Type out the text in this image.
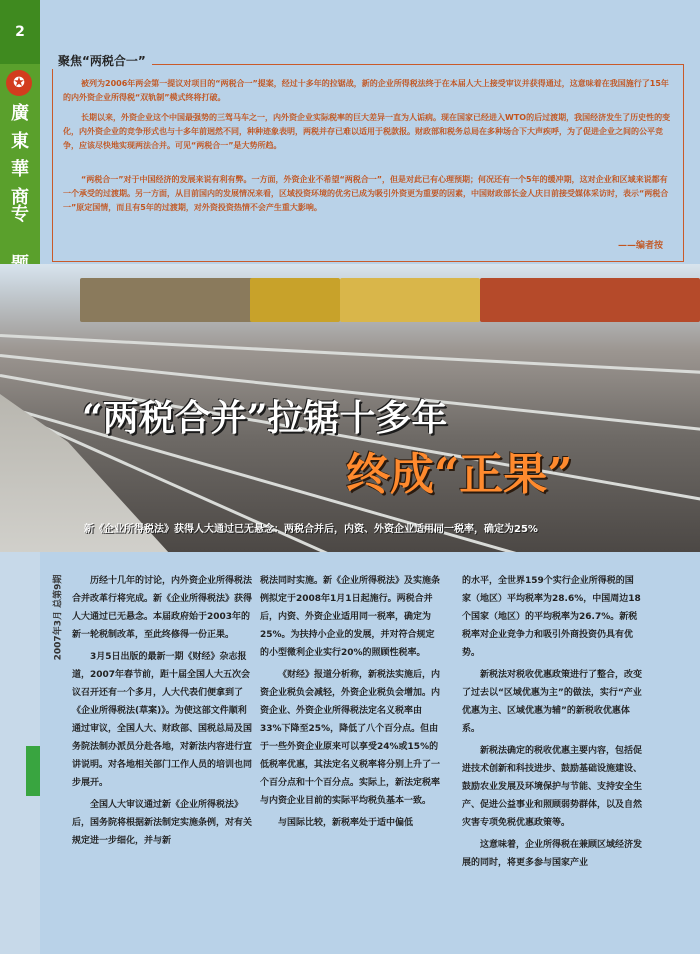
2
✪
廣
東
華
商
专
2007年3月 总第9期
被列为2006年两会第一提议对项目的“两税合一”提案，经过十多年的拉锯战，新的企业所得税法终于在本届人大上接受审议并获得通过，这意味着在我国施行了15年的内外资企业所得税“双轨制”模式终将打破。
长期以来，外资企业这个中国最强势的三驾马车之一，内外资企业实际税率的巨大差异一直为人诟病。现在国家已经进入WTO的后过渡期，我国经济发生了历史性的变化，内外资企业的竞争形式也与十多年前迥然不同，种种迹象表明，两税并存已难以适用于税款报。财政部和税务总局在多种场合下大声疾呼，为了促进企业之间的公平竞争，应该尽快地实现两法合并。可见“两税合一”是大势所趋。
“两税合一”对于中国经济的发展来说有利有弊。一方面，外资企业不希望“两税合一”，但是对此已有心理预期；何况还有一个5年的缓冲期，这对企业和区域来说都有一个承受的过渡期。另一方面，从目前国内的发展情况来看，区域投资环境的优劣已成为吸引外资更为重要的因素，中国财政部长金人庆日前接受媒体采访时，表示“两税合一”原定国情，而且有5年的过渡期，对外资投资热情不会产生重大影响。
——编者按
聚焦“两税合一”
“两税合并”拉锯十多年
终成“正果”
新《企业所得税法》获得人大通过已无悬念：两税合并后，内资、外资企业适用同一税率，确定为25%

历经十几年的讨论，内外资企业所得税法合并改革行将完成。新《企业所得税法》获得人大通过已无悬念。本届政府始于2003年的新一轮税制改革，至此终修得一份正果。

3月5日出版的最新一期《财经》杂志报道，2007年春节前，距十届全国人大五次会议召开还有一个多月，人大代表们便拿到了《企业所得税法(草案)》。为使这部文件顺利通过审议，全国人大、财政部、国税总局及国务院法制办派员分赴各地，对新法内容进行宣讲说明。对各地相关部门工作人员的培训也同步展开。

全国人大审议通过新《企业所得税法》后，国务院将根据新法制定实施条例，对有关规定进一步细化，并与新

税法同时实施。新《企业所得税法》及实施条例拟定于2008年1月1日起施行。两税合并后，内资、外资企业适用同一税率，确定为25%。为扶持小企业的发展，并对符合规定的小型微利企业实行20%的照顾性税率。

《财经》报道分析称，新税法实施后，内资企业税负会减轻，外资企业税负会增加。内资企业、外资企业所得税法定名义税率由33%下降至25%，降低了八个百分点。但由于一些外资企业原来可以享受24%或15%的低税率优惠，其法定名义税率将分别上升了一个百分点和十个百分点。实际上，新法定税率与内资企业目前的实际平均税负基本一致。

与国际比较，新税率处于适中偏低

的水平，全世界159个实行企业所得税的国家（地区）平均税率为28.6%，中国周边18个国家（地区）的平均税率为26.7%。新税税率对企业竞争力和吸引外商投资仍具有优势。

新税法对税收优惠政策进行了整合，改变了过去以“区域优惠为主”的做法，实行“产业优惠为主、区域优惠为辅”的新税收优惠体系。

新税法确定的税收优惠主要内容，包括促进技术创新和科技进步、鼓励基础设施建设、鼓励农业发展及环境保护与节能、支持安全生产、促进公益事业和照顾弱势群体，以及自然灾害专项免税优惠政策等。

这意味着，企业所得税在兼顾区域经济发展的同时，将更多参与国家产业
